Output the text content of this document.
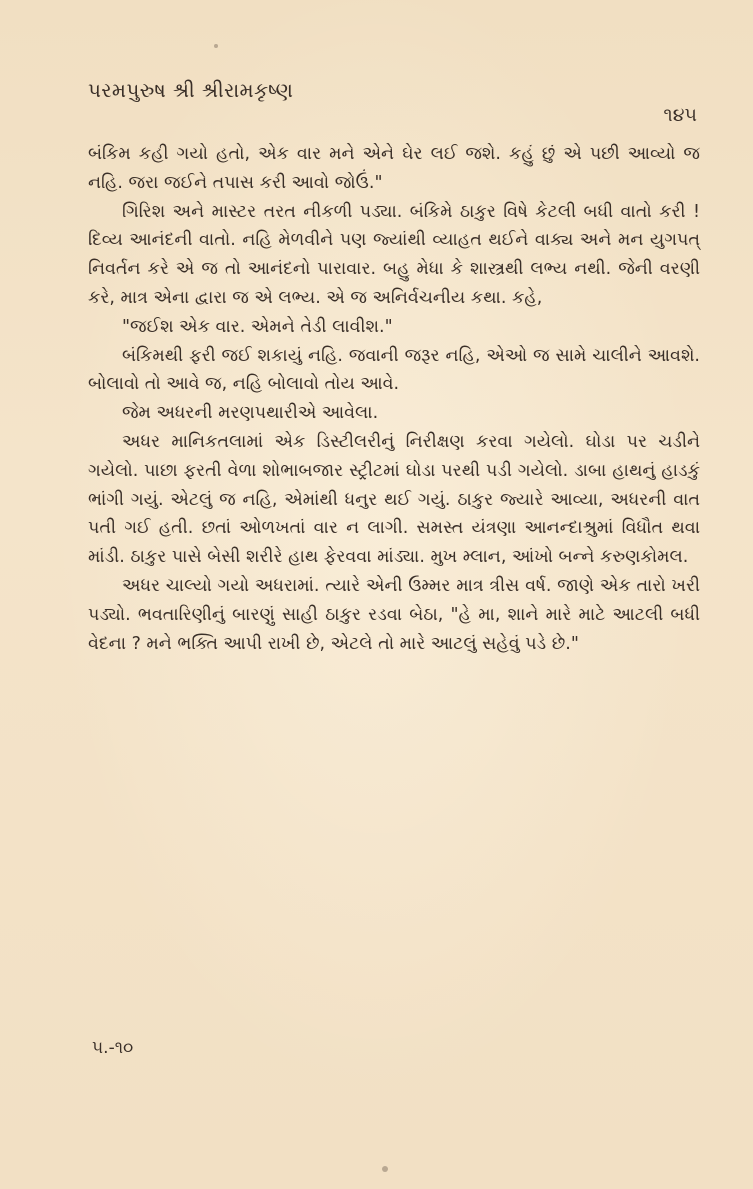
પરમપુરુષ શ્રી શ્રીરામકૃષ્ણ
૧૪૫

બંકિમ કહી ગયો હતો, એક વાર મને એને ઘેર લઈ જશે. કહું છું એ પછી આવ્યો જ નહિ. જરા જઈને તપાસ કરી આવો જોઉં."

ગિરિશ અને માસ્ટર તરત નીકળી પડ્યા. બંકિમે ઠાકુર વિષે કેટલી બધી વાતો કરી ! દિવ્ય આનંદની વાતો. નહિ મેળવીને પણ જ્યાંથી વ્યાહત થઈને વાક્ય અને મન યુગપત્ નિવર્તન કરે એ જ તો આનંદનો પારાવાર. બહુ મેધા કે શાસ્ત્રથી લભ્ય નથી. જેની વરણી કરે, માત્ર એના દ્વારા જ એ લભ્ય. એ જ અનિર્વચનીય કથા. કહે,

"જઈશ એક વાર. એમને તેડી લાવીશ."

બંકિમથી ફરી જઈ શકાયું નહિ. જવાની જરૂર નહિ, એઓ જ સામે ચાલીને આવશે. બોલાવો તો આવે જ, નહિ બોલાવો તોય આવે.

જેમ અધરની મરણપથારીએ આવેલા.

અધર માનિકતલામાં એક ડિસ્ટીલરીનું નિરીક્ષણ કરવા ગયેલો. ઘોડા પર ચડીને ગયેલો. પાછા ફરતી વેળા શોભાબજાર સ્ટ્રીટમાં ઘોડા પરથી પડી ગયેલો. ડાબા હાથનું હાડકું ભાંગી ગયું. એટલું જ નહિ, એમાંથી ધનુર થઈ ગયું. ઠાકુર જ્યારે આવ્યા, અધરની વાત પતી ગઈ હતી. છતાં ઓળખતાં વાર ન લાગી. સમસ્ત યંત્રણા આનન્દાશ્રુમાં વિધૌત થવા માંડી. ઠાકુર પાસે બેસી શરીરે હાથ ફેરવવા માંડ્યા. મુખ મ્લાન, આંખો બન્ને કરુણકોમલ.

અધર ચાલ્યો ગયો અધરામાં. ત્યારે એની ઉમ્મર માત્ર ત્રીસ વર્ષ. જાણે એક તારો ખરી પડ્યો. ભવતારિણીનું બારણું સાહી ઠાકુર રડવા બેઠા, "હે મા, શાને મારે માટે આટલી બધી વેદના ? મને ભક્તિ આપી રાખી છે, એટલે તો મારે આટલું સહેવું પડે છે."

૫.-૧૦
